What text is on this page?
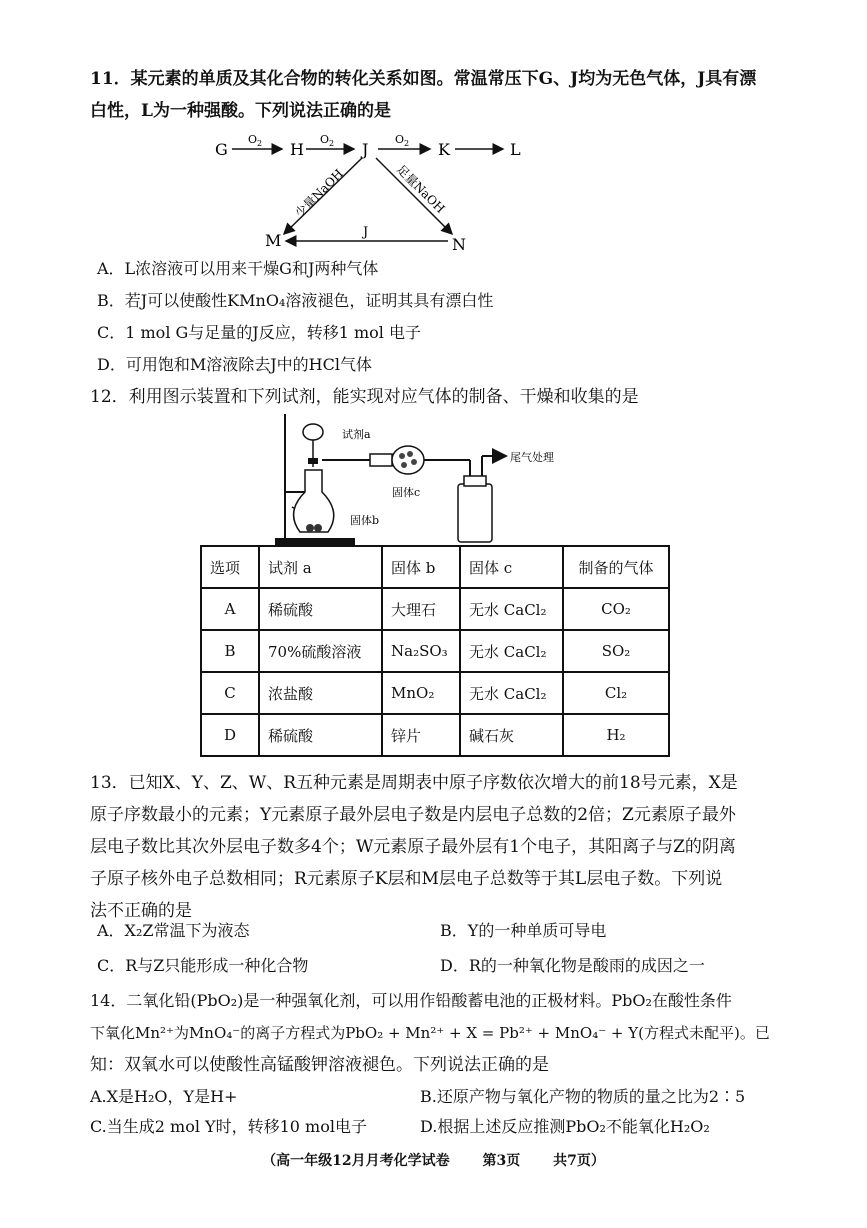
11．某元素的单质及其化合物的转化关系如图。常温常压下G、J均为无色气体，J具有漂
白性，L为一种强酸。下列说法正确的是
G	H	J	K	L
M	N
$O_2$	$O_2$	$O_2$
少量NaOH	足量NaOH
J
A．L浓溶液可以用来干燥G和J两种气体
B．若J可以使酸性KMnO₄溶液褪色，证明其具有漂白性
C．1 mol G与足量的J反应，转移1 mol 电子
D．可用饱和M溶液除去J中的HCl气体
12．利用图示装置和下列试剂，能实现对应气体的制备、干燥和收集的是
试剂a
固体b
固体c
尾气处理
选项	试剂 a	固体 b	固体 c	制备的气体
A	稀硫酸	大理石	无水 CaCl₂	CO₂
B	70%硫酸溶液	Na₂SO₃	无水 CaCl₂	SO₂
C	浓盐酸	MnO₂	无水 CaCl₂	Cl₂
D	稀硫酸	锌片	碱石灰	H₂
13．已知X、Y、Z、W、R五种元素是周期表中原子序数依次增大的前18号元素，X是
原子序数最小的元素；Y元素原子最外层电子数是内层电子总数的2倍；Z元素原子最外
层电子数比其次外层电子数多4个；W元素原子最外层有1个电子，其阳离子与Z的阴离
子原子核外电子总数相同；R元素原子K层和M层电子总数等于其L层电子数。下列说
法不正确的是
A．X₂Z常温下为液态	B．Y的一种单质可导电
C．R与Z只能形成一种化合物	D．R的一种氧化物是酸雨的成因之一
14．二氧化铅(PbO₂)是一种强氧化剂，可以用作铅酸蓄电池的正极材料。PbO₂在酸性条件
下氧化Mn²⁺为MnO₄⁻的离子方程式为PbO₂ + Mn²⁺ + X = Pb²⁺ + MnO₄⁻ + Y(方程式未配平)。已
知：双氧水可以使酸性高锰酸钾溶液褪色。下列说法正确的是
A.X是H₂O，Y是H+	B.还原产物与氧化产物的物质的量之比为2∶5
C.当生成2 mol Y时，转移10 mol电子	D.根据上述反应推测PbO₂不能氧化H₂O₂
（高一年级12月月考化学试卷 第3页 共7页）
